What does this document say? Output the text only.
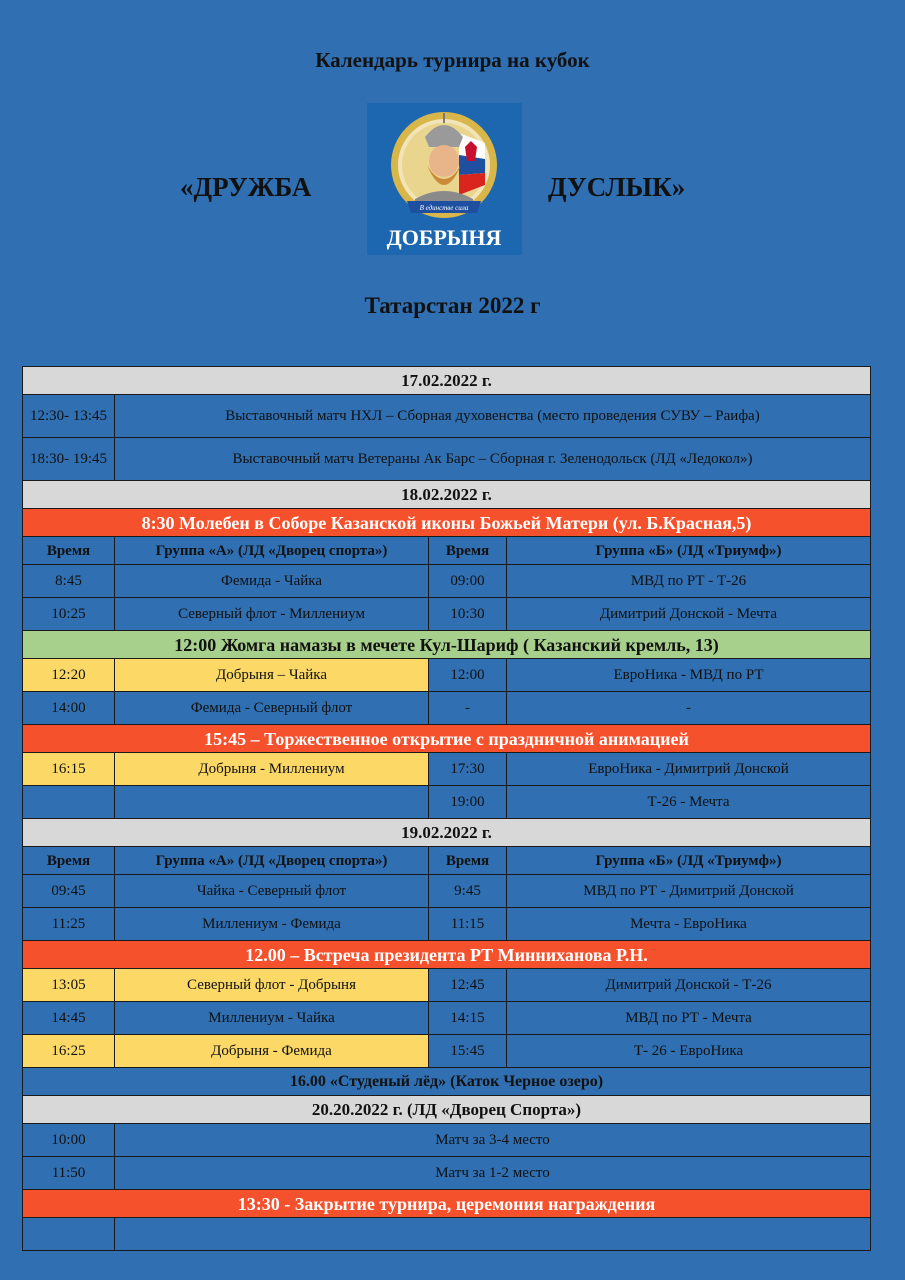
Календарь турнира на кубок
«ДРУЖБА	ДУСЛЫК»
В единстве сила
ДОБРЫНЯ
Татарстан 2022 г
17.02.2022 г.			
12:30- 13:45	Выставочный матч НХЛ – Сборная духовенства (место проведения СУВУ – Раифа)		
18:30- 19:45	Выставочный матч Ветераны Ак Барс – Сборная г. Зеленодольск (ЛД «Ледокол»)		
18.02.2022 г.			
8:30 Молебен в Соборе Казанской иконы Божьей Матери (ул. Б.Красная,5)			
Время	Группа «А» (ЛД «Дворец спорта»)	Время	Группа «Б» (ЛД «Триумф»)
8:45	Фемида - Чайка	09:00	МВД по РТ - Т-26
10:25	Северный флот - Миллениум	10:30	Димитрий Донской - Мечта
12:00 Жомга намазы в мечете Кул-Шариф ( Казанский кремль, 13)			
12:20	Добрыня – Чайка	12:00	ЕвроНика - МВД по РТ
14:00	Фемида - Северный флот	-	-
15:45 – Торжественное открытие с праздничной анимацией			
16:15	Добрыня - Миллениум	17:30	ЕвроНика - Димитрий Донской
		19:00	Т-26 - Мечта
19.02.2022 г.			
Время	Группа «А» (ЛД «Дворец спорта»)	Время	Группа «Б» (ЛД «Триумф»)
09:45	Чайка - Северный флот	9:45	МВД по РТ - Димитрий Донской
11:25	Миллениум - Фемида	11:15	Мечта - ЕвроНика
12.00 – Встреча президента РТ Минниханова Р.Н.			
13:05	Северный флот - Добрыня	12:45	Димитрий Донской - Т-26
14:45	Миллениум - Чайка	14:15	МВД по РТ - Мечта
16:25	Добрыня - Фемида	15:45	Т- 26 - ЕвроНика
16.00 «Студеный лёд» (Каток Черное озеро)			
20.20.2022 г. (ЛД «Дворец Спорта»)			
10:00	Матч за 3-4 место		
11:50	Матч за 1-2 место		
13:30 - Закрытие турнира, церемония награждения			
